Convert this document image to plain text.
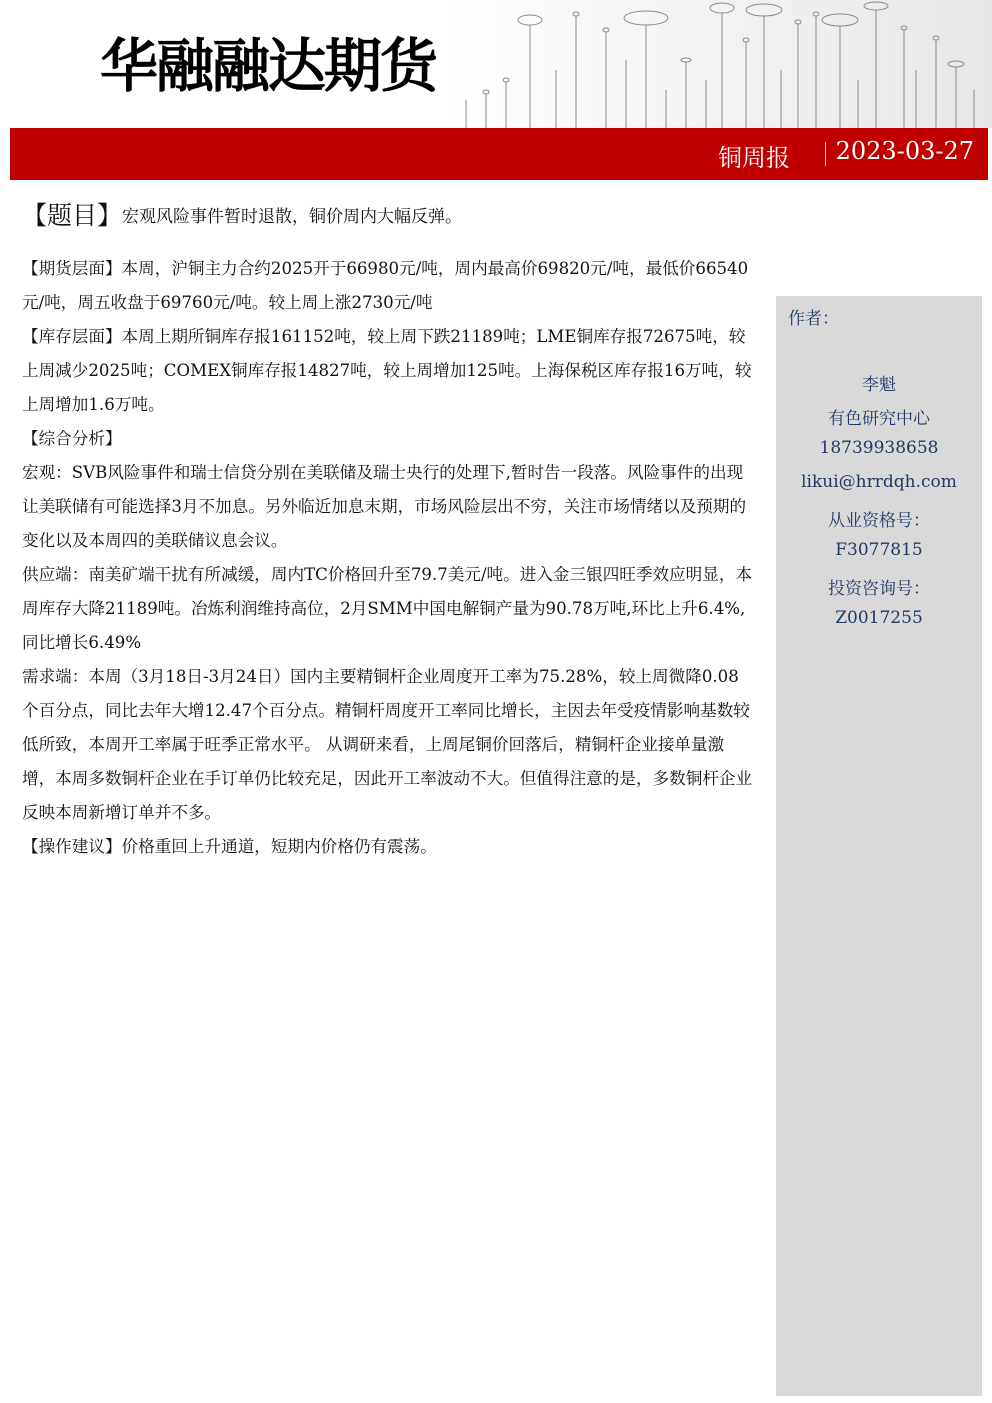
华融融达期货
铜周报 2023-03-27
【题目】宏观风险事件暂时退散，铜价周内大幅反弹。

【期货层面】本周，沪铜主力合约2025开于66980元/吨，周内最高价69820元/吨，最低价66540元/吨，周五收盘于69760元/吨。较上周上涨2730元/吨

【库存层面】本周上期所铜库存报161152吨，较上周下跌21189吨；LME铜库存报72675吨，较上周减少2025吨；COMEX铜库存报14827吨，较上周增加125吨。上海保税区库存报16万吨，较上周增加1.6万吨。

【综合分析】

宏观：SVB风险事件和瑞士信贷分别在美联储及瑞士央行的处理下,暂时告一段落。风险事件的出现让美联储有可能选择3月不加息。另外临近加息末期，市场风险层出不穷，关注市场情绪以及预期的变化以及本周四的美联储议息会议。

供应端：南美矿端干扰有所减缓，周内TC价格回升至79.7美元/吨。进入金三银四旺季效应明显，本周库存大降21189吨。冶炼利润维持高位，2月SMM中国电解铜产量为90.78万吨,环比上升6.4%,同比增长6.49%

需求端：本周（3月18日-3月24日）国内主要精铜杆企业周度开工率为75.28%，较上周微降0.08个百分点，同比去年大增12.47个百分点。精铜杆周度开工率同比增长，主因去年受疫情影响基数较低所致，本周开工率属于旺季正常水平。 从调研来看，上周尾铜价回落后，精铜杆企业接单量激增，本周多数铜杆企业在手订单仍比较充足，因此开工率波动不大。但值得注意的是，多数铜杆企业反映本周新增订单并不多。

【操作建议】价格重回上升通道，短期内价格仍有震荡。

作者：
李魁
有色研究中心
18739938658
likui@hrrdqh.com
从业资格号：
F3077815
投资咨询号：
Z0017255
